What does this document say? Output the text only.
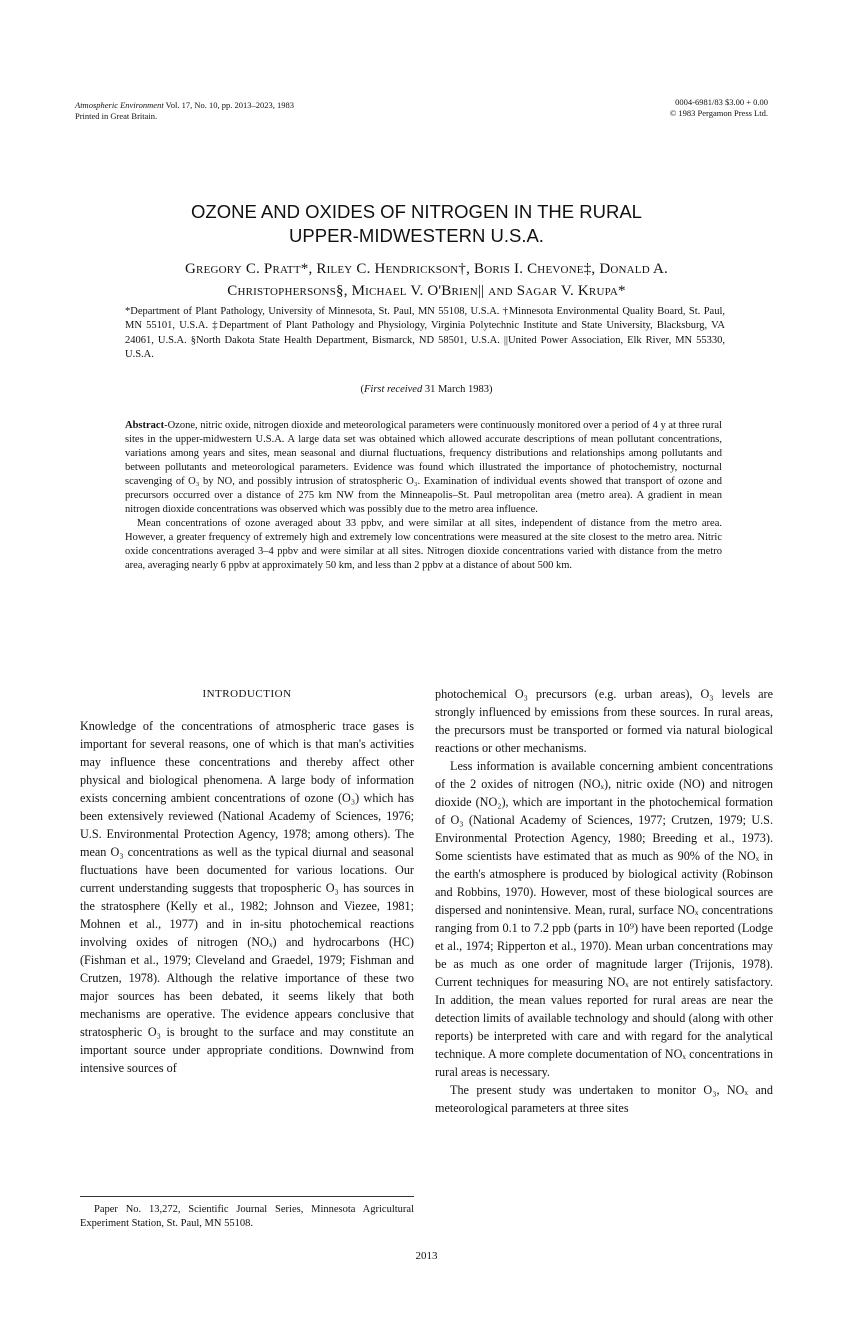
Atmospheric Environment Vol. 17, No. 10, pp. 2013–2023, 1983
Printed in Great Britain.
0004-6981/83 $3.00 + 0.00
© 1983 Pergamon Press Ltd.
OZONE AND OXIDES OF NITROGEN IN THE RURAL
UPPER-MIDWESTERN U.S.A.
Gregory C. Pratt*, Riley C. Hendrickson†, Boris I. Chevone‡, Donald A.
Christophersons§, Michael V. O'Brien|| and Sagar V. Krupa*
*Department of Plant Pathology, University of Minnesota, St. Paul, MN 55108, U.S.A. †Minnesota Environmental Quality Board, St. Paul, MN 55101, U.S.A. ‡Department of Plant Pathology and Physiology, Virginia Polytechnic Institute and State University, Blacksburg, VA 24061, U.S.A. §North Dakota State Health Department, Bismarck, ND 58501, U.S.A. ||United Power Association, Elk River, MN 55330, U.S.A.
(First received 31 March 1983)

Abstract-Ozone, nitric oxide, nitrogen dioxide and meteorological parameters were continuously monitored over a period of 4 y at three rural sites in the upper-midwestern U.S.A. A large data set was obtained which allowed accurate descriptions of mean pollutant concentrations, variations among years and sites, mean seasonal and diurnal fluctuations, frequency distributions and relationships among pollutants and between pollutants and meteorological parameters. Evidence was found which illustrated the importance of photochemistry, nocturnal scavenging of O₃ by NO, and possibly intrusion of stratospheric O₃. Examination of individual events showed that transport of ozone and precursors occurred over a distance of 275 km NW from the Minneapolis–St. Paul metropolitan area (metro area). A gradient in mean nitrogen dioxide concentrations was observed which was possibly due to the metro area influence.

Mean concentrations of ozone averaged about 33 ppbv, and were similar at all sites, independent of distance from the metro area. However, a greater frequency of extremely high and extremely low concentrations were measured at the site closest to the metro area. Nitric oxide concentrations averaged 3–4 ppbv and were similar at all sites. Nitrogen dioxide concentrations varied with distance from the metro area, averaging nearly 6 ppbv at approximately 50 km, and less than 2 ppbv at a distance of about 500 km.

INTRODUCTION

Knowledge of the concentrations of atmospheric trace gases is important for several reasons, one of which is that man's activities may influence these concentrations and thereby affect other physical and biological phenomena. A large body of information exists concerning ambient concentrations of ozone (O₃) which has been extensively reviewed (National Academy of Sciences, 1976; U.S. Environmental Protection Agency, 1978; among others). The mean O₃ concentrations as well as the typical diurnal and seasonal fluctuations have been documented for various locations. Our current understanding suggests that tropospheric O₃ has sources in the stratosphere (Kelly et al., 1982; Johnson and Viezee, 1981; Mohnen et al., 1977) and in in-situ photochemical reactions involving oxides of nitrogen (NOₓ) and hydrocarbons (HC) (Fishman et al., 1979; Cleveland and Graedel, 1979; Fishman and Crutzen, 1978). Although the relative importance of these two major sources has been debated, it seems likely that both mechanisms are operative. The evidence appears conclusive that stratospheric O₃ is brought to the surface and may constitute an important source under appropriate conditions. Downwind from intensive sources of

photochemical O₃ precursors (e.g. urban areas), O₃ levels are strongly influenced by emissions from these sources. In rural areas, the precursors must be transported or formed via natural biological reactions or other mechanisms.

Less information is available concerning ambient concentrations of the 2 oxides of nitrogen (NOₓ), nitric oxide (NO) and nitrogen dioxide (NO₂), which are important in the photochemical formation of O₃ (National Academy of Sciences, 1977; Crutzen, 1979; U.S. Environmental Protection Agency, 1980; Breeding et al., 1973). Some scientists have estimated that as much as 90% of the NOₓ in the earth's atmosphere is produced by biological activity (Robinson and Robbins, 1970). However, most of these biological sources are dispersed and nonintensive. Mean, rural, surface NOₓ concentrations ranging from 0.1 to 7.2 ppb (parts in 10⁹) have been reported (Lodge et al., 1974; Ripperton et al., 1970). Mean urban concentrations may be as much as one order of magnitude larger (Trijonis, 1978). Current techniques for measuring NOₓ are not entirely satisfactory. In addition, the mean values reported for rural areas are near the detection limits of available technology and should (along with other reports) be interpreted with care and with regard for the analytical technique. A more complete documentation of NOₓ concentrations in rural areas is necessary.

The present study was undertaken to monitor O₃, NOₓ and meteorological parameters at three sites

Paper No. 13,272, Scientific Journal Series, Minnesota Agricultural Experiment Station, St. Paul, MN 55108.
2013
